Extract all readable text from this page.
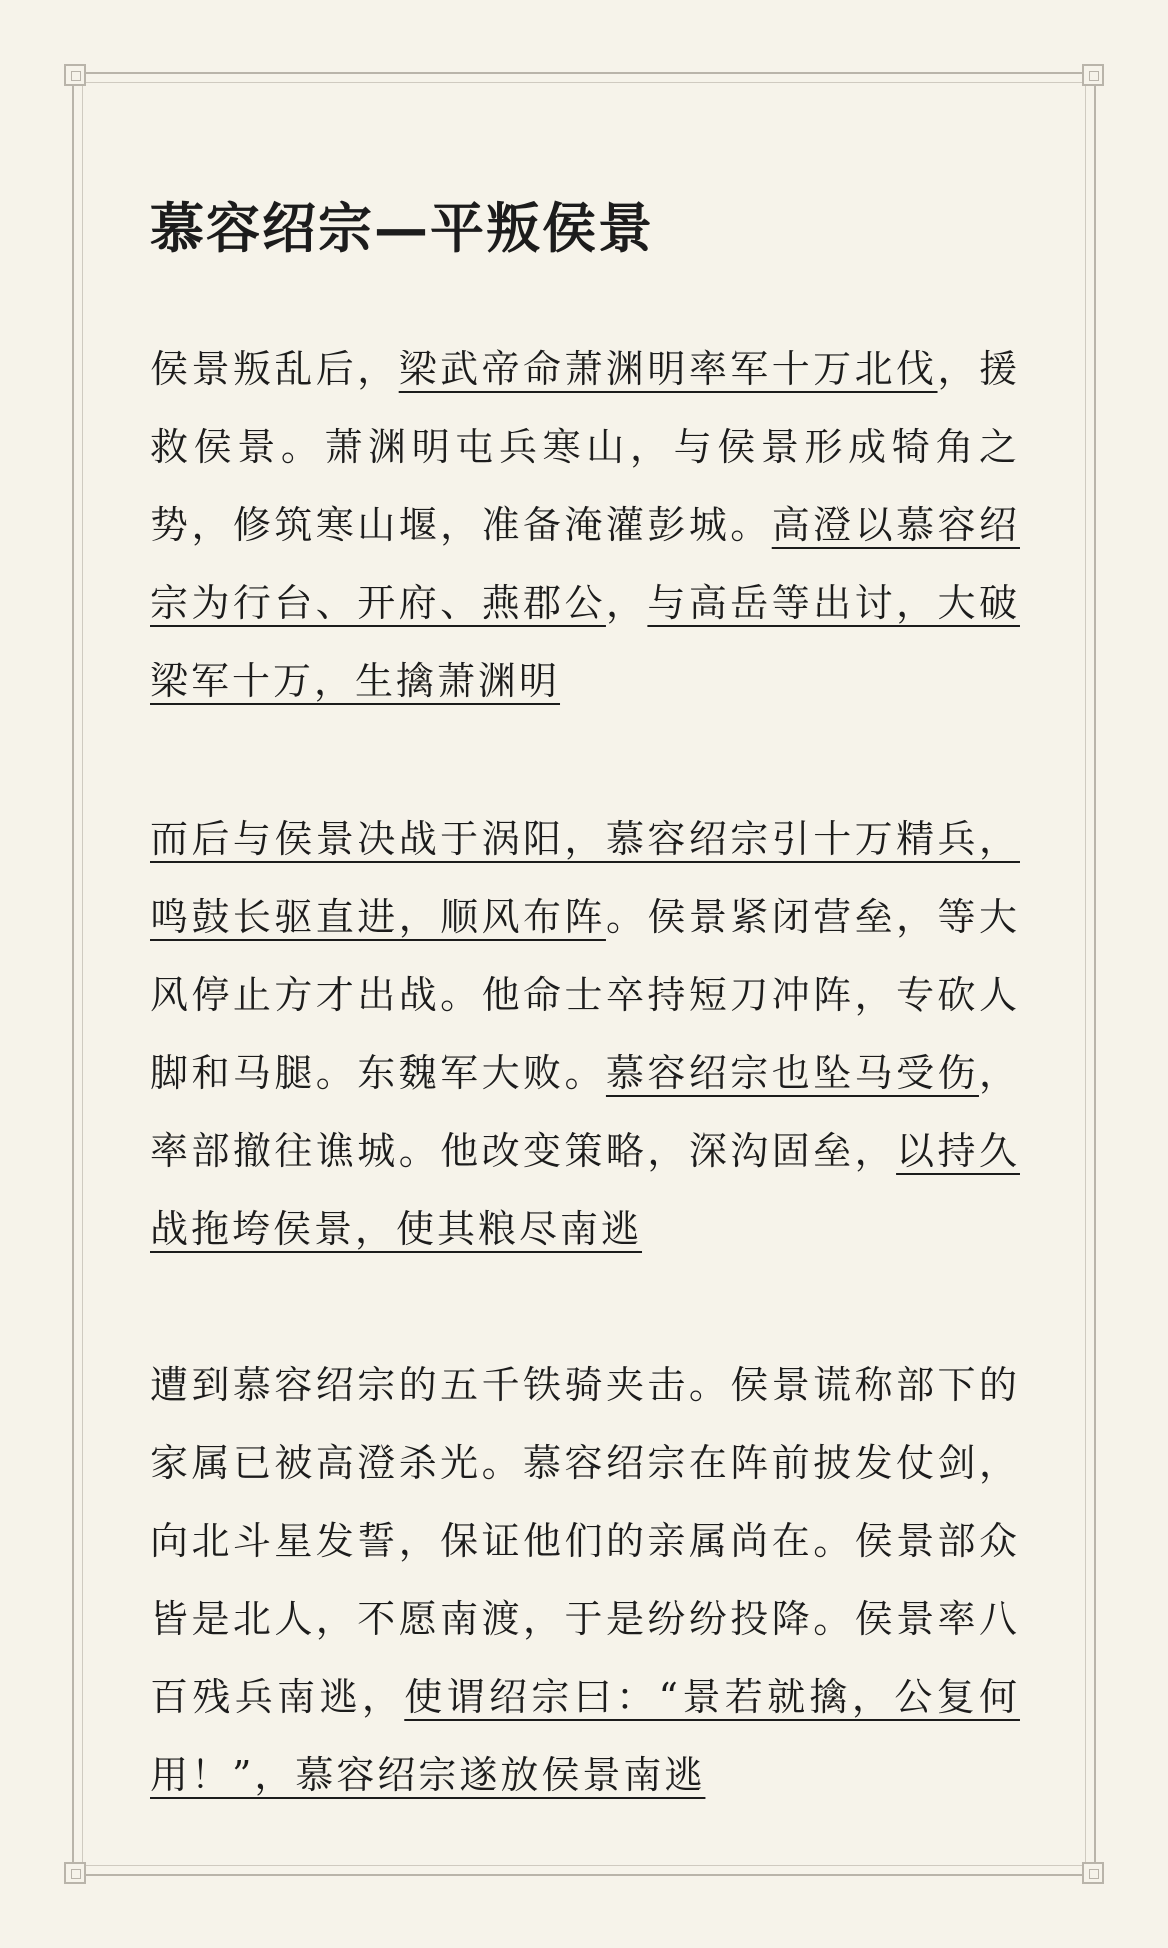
慕容绍宗—平叛侯景

侯景叛乱后，梁武帝命萧渊明率军十万北伐，援救侯景。萧渊明屯兵寒山，与侯景形成犄角之势，修筑寒山堰，准备淹灌彭城。高澄以慕容绍宗为行台、开府、燕郡公，与高岳等出讨，大破梁军十万，生擒萧渊明

而后与侯景决战于涡阳，慕容绍宗引十万精兵，鸣鼓长驱直进，顺风布阵。侯景紧闭营垒，等大风停止方才出战。他命士卒持短刀冲阵，专砍人脚和马腿。东魏军大败。慕容绍宗也坠马受伤，率部撤往谯城。他改变策略，深沟固垒，以持久战拖垮侯景，使其粮尽南逃

遭到慕容绍宗的五千铁骑夹击。侯景谎称部下的家属已被高澄杀光。慕容绍宗在阵前披发仗剑，向北斗星发誓，保证他们的亲属尚在。侯景部众皆是北人，不愿南渡，于是纷纷投降。侯景率八百残兵南逃，使谓绍宗曰：“景若就擒，公复何用！”，慕容绍宗遂放侯景南逃
